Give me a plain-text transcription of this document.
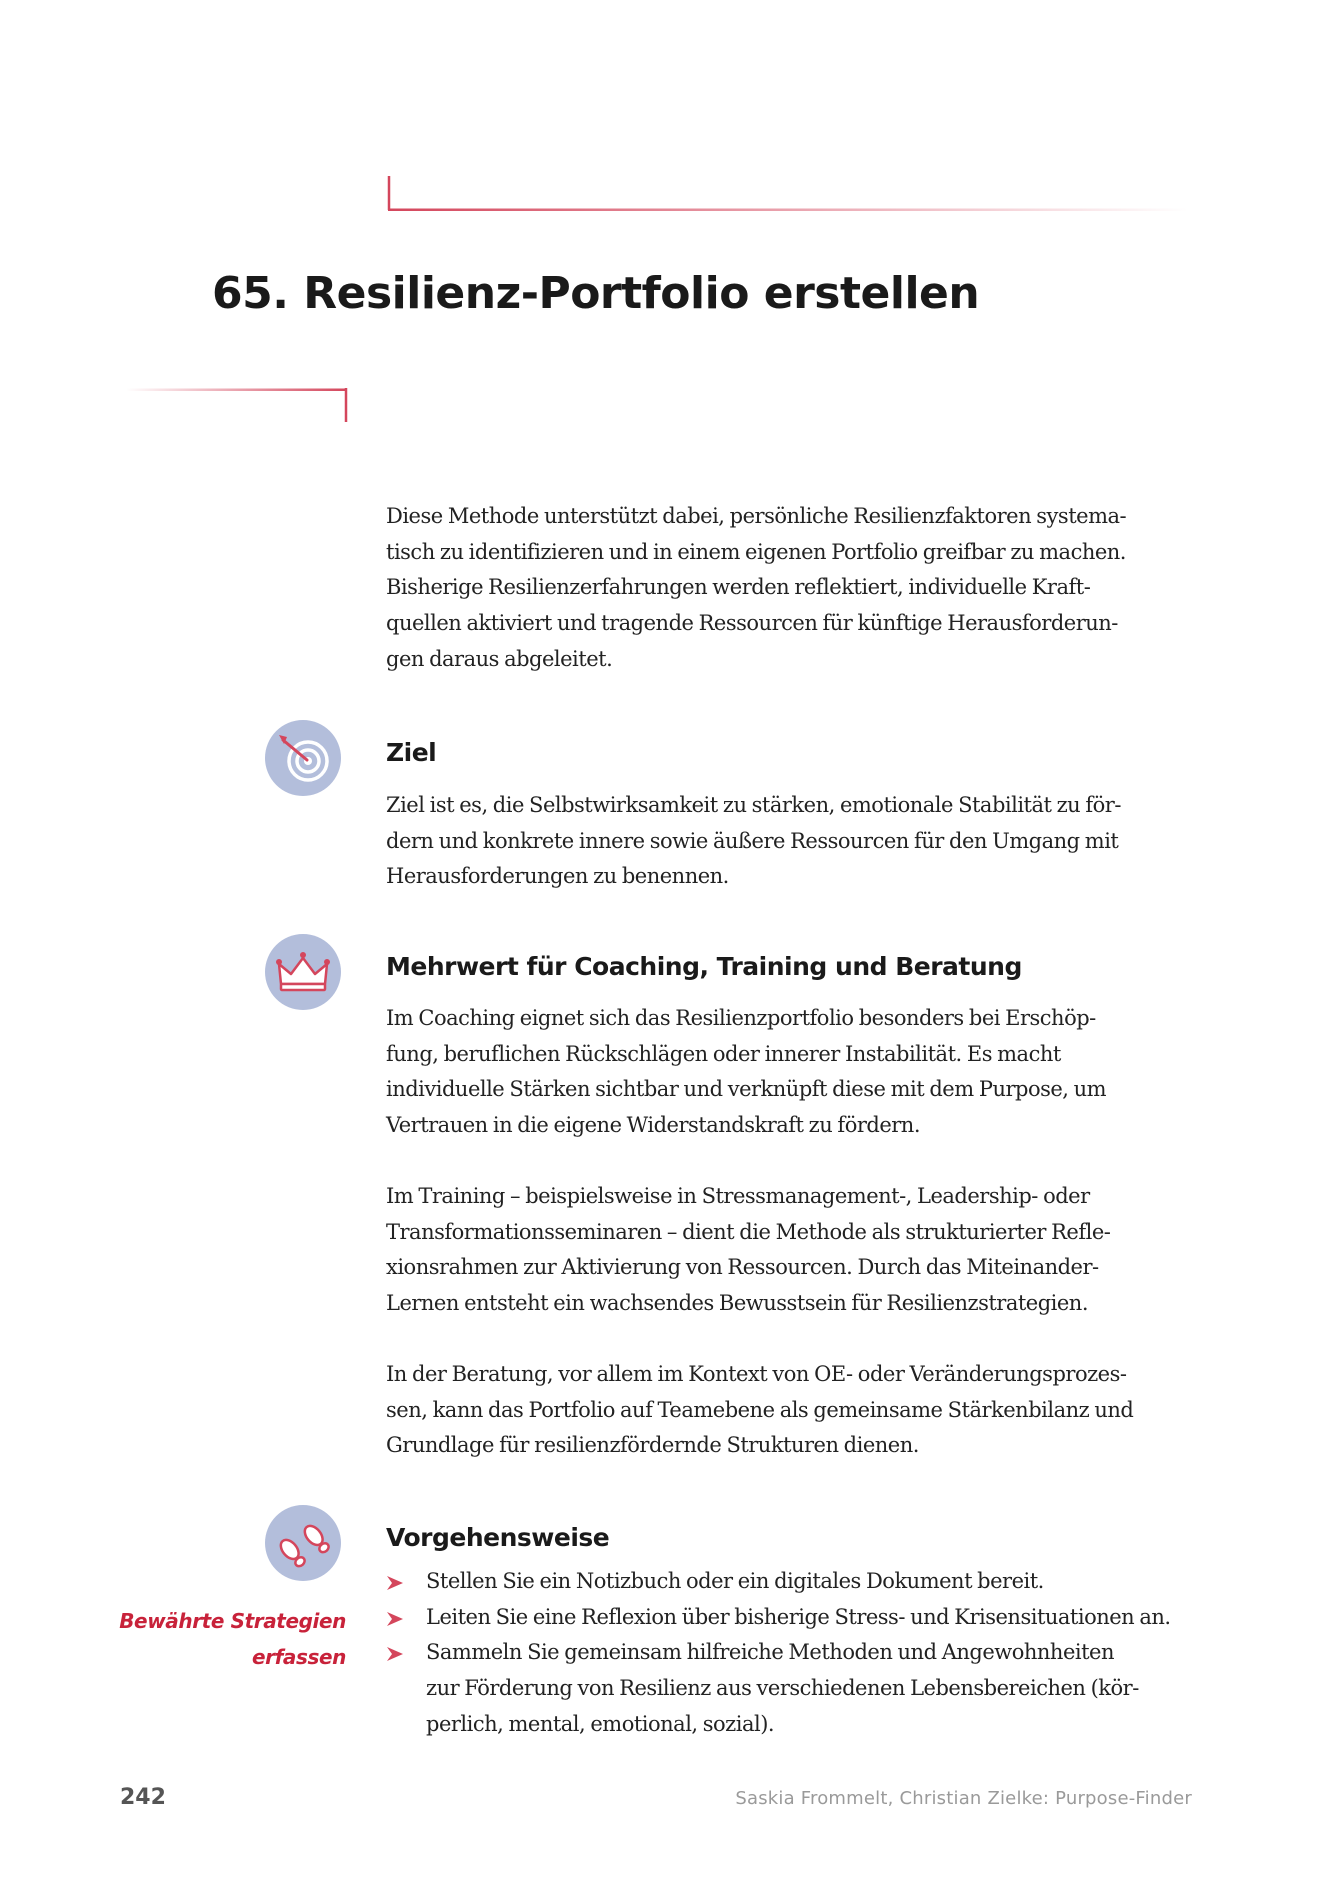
65. Resilienz-Portfolio erstellen

Diese Methode unterstützt dabei, persönliche Resilienzfaktoren systema-
tisch zu identifizieren und in einem eigenen Portfolio greifbar zu machen.
Bisherige Resilienzerfahrungen werden reflektiert, individuelle Kraft-
quellen aktiviert und tragende Ressourcen für künftige Herausforderun-
gen daraus abgeleitet.

Ziel

Ziel ist es, die Selbstwirksamkeit zu stärken, emotionale Stabilität zu för-
dern und konkrete innere sowie äußere Ressourcen für den Umgang mit
Herausforderungen zu benennen.

Mehrwert für Coaching, Training und Beratung

Im Coaching eignet sich das Resilienzportfolio besonders bei Erschöp-
fung, beruflichen Rückschlägen oder innerer Instabilität. Es macht
individuelle Stärken sichtbar und verknüpft diese mit dem Purpose, um
Vertrauen in die eigene Widerstandskraft zu fördern.

Im Training – beispielsweise in Stressmanagement-, Leadership- oder
Transformationsseminaren – dient die Methode als strukturierter Refle-
xionsrahmen zur Aktivierung von Ressourcen. Durch das Miteinander-
Lernen entsteht ein wachsendes Bewusstsein für Resilienzstrategien.

In der Beratung, vor allem im Kontext von OE- oder Veränderungsprozes-
sen, kann das Portfolio auf Teamebene als gemeinsame Stärkenbilanz und
Grundlage für resilienzfördernde Strukturen dienen.

Vorgehensweise

Bewährte Strategien
erfassen

Stellen Sie ein Notizbuch oder ein digitales Dokument bereit.
Leiten Sie eine Reflexion über bisherige Stress- und Krisensituationen an.
Sammeln Sie gemeinsam hilfreiche Methoden und Angewohnheiten
zur Förderung von Resilienz aus verschiedenen Lebensbereichen (kör-
perlich, mental, emotional, sozial).
242	Saskia Frommelt, Christian Zielke: Purpose-Finder
